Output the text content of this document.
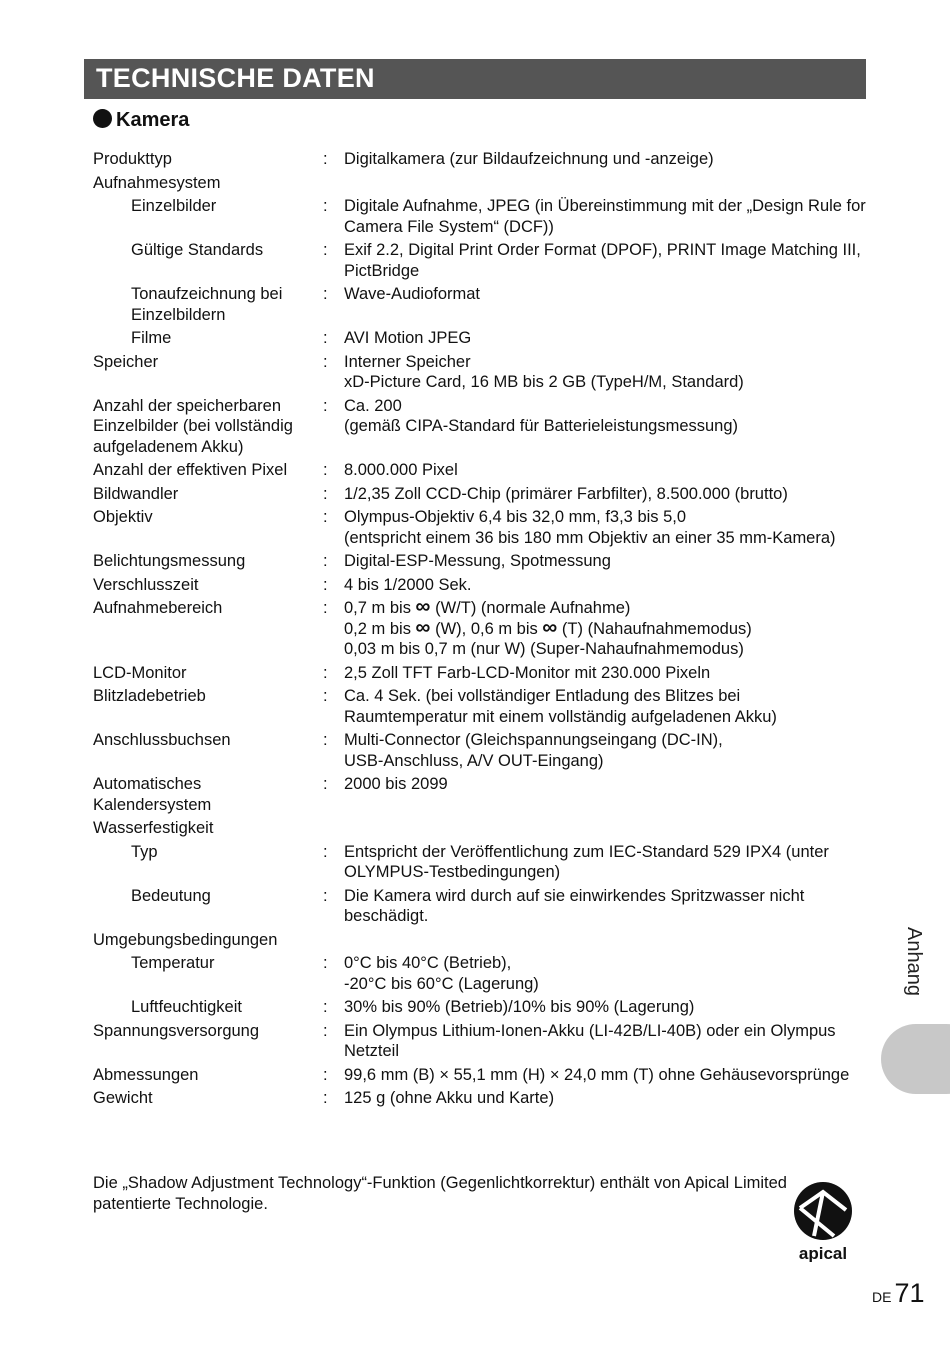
TECHNISCHE DATEN
Kamera
Produkttyp	: Digitalkamera (zur Bildaufzeichnung und -anzeige)
Aufnahmesystem
Einzelbilder	: Digitale Aufnahme, JPEG (in Übereinstimmung mit der „Design Rule for Camera File System“ (DCF))
Gültige Standards	: Exif 2.2, Digital Print Order Format (DPOF), PRINT Image Matching III, PictBridge
Tonaufzeichnung bei Einzelbildern
: Wave-Audioformat
Filme	: AVI Motion JPEG
Speicher	: Interner Speicher
xD-Picture Card, 16 MB bis 2 GB (TypeH/M, Standard)
Anzahl der speicherbaren Einzelbilder (bei vollständig aufgeladenem Akku)
: Ca. 200
(gemäß CIPA-Standard für Batterieleistungsmessung)
Anzahl der effektiven Pixel	: 8.000.000 Pixel
Bildwandler	: 1/2,35 Zoll CCD-Chip (primärer Farbfilter), 8.500.000 (brutto)
Objektiv	: Olympus-Objektiv 6,4 bis 32,0 mm, f3,3 bis 5,0
(entspricht einem 36 bis 180 mm Objektiv an einer 35 mm-Kamera)
Belichtungsmessung	: Digital-ESP-Messung, Spotmessung
Verschlusszeit	: 4 bis 1/2000 Sek.
Aufnahmebereich	: 0,7 m bis ∞ (W/T) (normale Aufnahme)
0,2 m bis ∞ (W), 0,6 m bis ∞ (T) (Nahaufnahmemodus)
0,03 m bis 0,7 m (nur W) (Super-Nahaufnahmemodus)
LCD-Monitor	: 2,5 Zoll TFT Farb-LCD-Monitor mit 230.000 Pixeln
Blitzladebetrieb	: Ca. 4 Sek. (bei vollständiger Entladung des Blitzes bei Raumtemperatur mit einem vollständig aufgeladenen Akku)
Anschlussbuchsen	: Multi-Connector (Gleichspannungseingang (DC-IN),
USB-Anschluss, A/V OUT-Eingang)
Automatisches Kalendersystem
: 2000 bis 2099
Wasserfestigkeit
Typ	: Entspricht der Veröffentlichung zum IEC-Standard 529 IPX4 (unter OLYMPUS-Testbedingungen)
Bedeutung	: Die Kamera wird durch auf sie einwirkendes Spritzwasser nicht beschädigt.
Umgebungsbedingungen
Temperatur	: 0°C bis 40°C (Betrieb),
-20°C bis 60°C (Lagerung)
Luftfeuchtigkeit	: 30% bis 90% (Betrieb)/10% bis 90% (Lagerung)
Spannungsversorgung	: Ein Olympus Lithium-Ionen-Akku (LI-42B/LI-40B) oder ein Olympus Netzteil
Abmessungen	: 99,6 mm (B) × 55,1 mm (H) × 24,0 mm (T) ohne Gehäusevorsprünge
Gewicht	: 125 g (ohne Akku und Karte)
Die „Shadow Adjustment Technology“-Funktion (Gegenlichtkorrektur) enthält von Apical Limited patentierte Technologie.
Anhang
apical
DE 71
